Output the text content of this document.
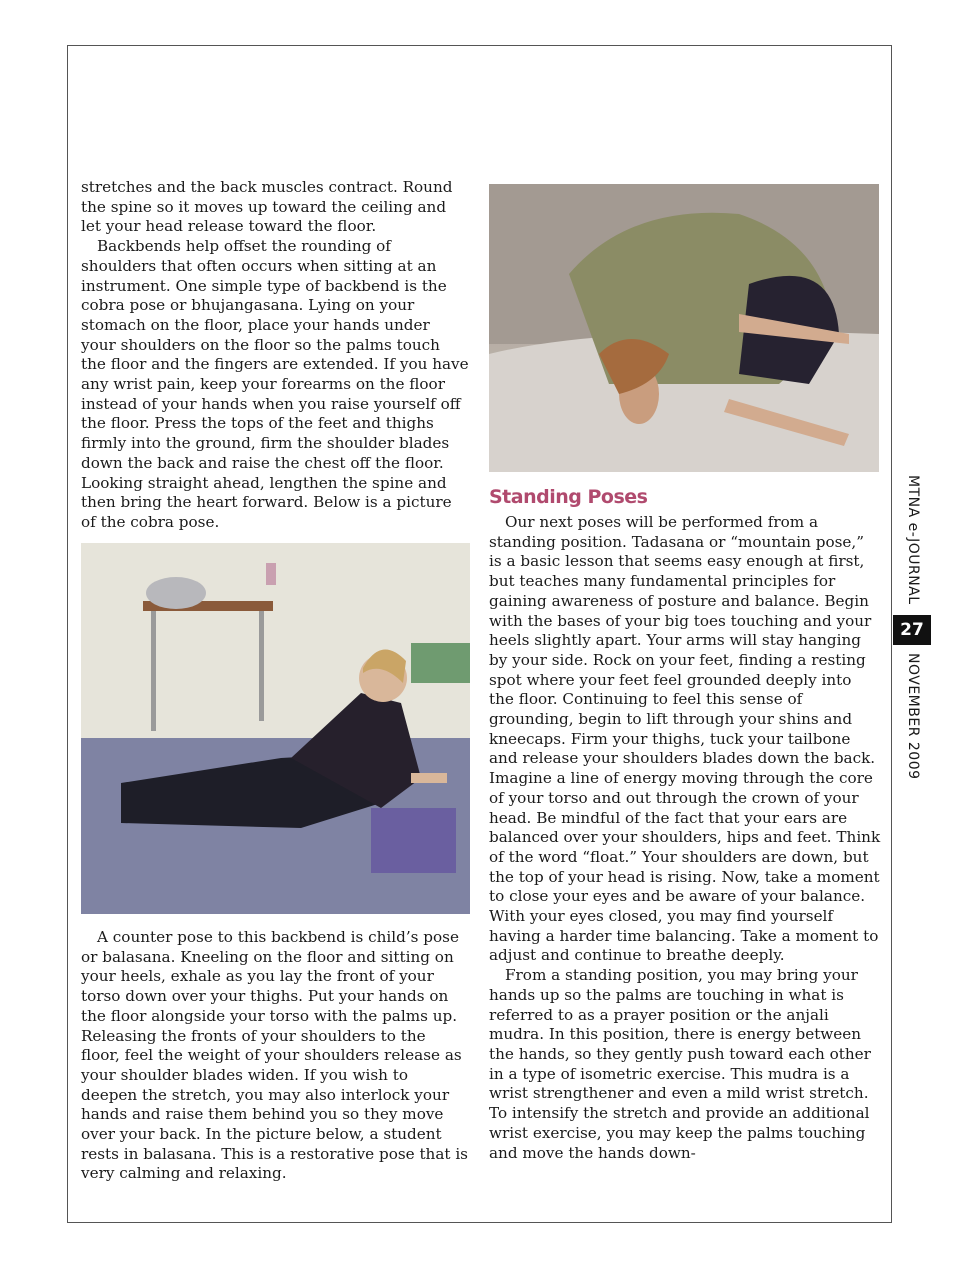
stretches and the back muscles contract. Round the spine so it moves up toward the ceiling and let your head release toward the floor.

Backbends help offset the rounding of shoulders that often occurs when sitting at an instrument. One simple type of backbend is the cobra pose or bhujangasana. Lying on your stomach on the floor, place your hands under your shoulders on the floor so the palms touch the floor and the fingers are extended. If you have any wrist pain, keep your forearms on the floor instead of your hands when you raise yourself off the floor. Press the tops of the feet and thighs firmly into the ground, firm the shoulder blades down the back and raise the chest off the floor. Looking straight ahead, lengthen the spine and then bring the heart forward. Below is a picture of the cobra pose.

A counter pose to this backbend is child’s pose or balasana. Kneeling on the floor and sitting on your heels, exhale as you lay the front of your torso down over your thighs. Put your hands on the floor alongside your torso with the palms up. Releasing the fronts of your shoulders to the floor, feel the weight of your shoulders release as your shoulder blades widen. If you wish to deepen the stretch, you may also interlock your hands and raise them behind you so they move over your back. In the picture below, a student rests in balasana. This is a restorative pose that is very calming and relaxing.

Standing Poses

Our next poses will be performed from a standing position. Tadasana or “mountain pose,” is a basic lesson that seems easy enough at first, but teaches many fundamental principles for gaining awareness of posture and balance. Begin with the bases of your big toes touching and your heels slightly apart. Your arms will stay hanging by your side. Rock on your feet, finding a resting spot where your feet feel grounded deeply into the floor. Continuing to feel this sense of grounding, begin to lift through your shins and kneecaps. Firm your thighs, tuck your tailbone and release your shoulders blades down the back. Imagine a line of energy moving through the core of your torso and out through the crown of your head. Be mindful of the fact that your ears are balanced over your shoulders, hips and feet. Think of the word “float.” Your shoulders are down, but the top of your head is rising. Now, take a moment to close your eyes and be aware of your balance. With your eyes closed, you may find yourself having a harder time balancing. Take a moment to adjust and continue to breathe deeply.

From a standing position, you may bring your hands up so the palms are touching in what is referred to as a prayer position or the anjali mudra. In this position, there is energy between the hands, so they gently push toward each other in a type of isometric exercise. This mudra is a wrist strengthener and even a mild wrist stretch. To intensify the stretch and provide an additional wrist exercise, you may keep the palms touching and move the hands down-

MTNA e-JOURNAL
27
NOVEMBER 2009
